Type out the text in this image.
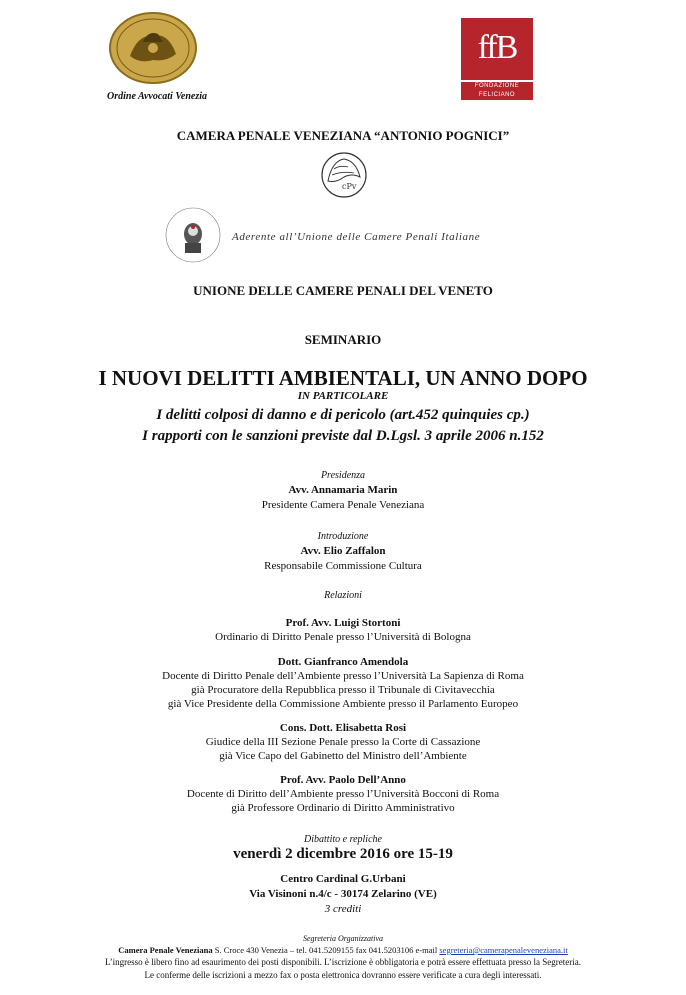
Ordine Avvocati Venezia
ffB
FONDAZIONE FELICIANO BENVENUTI
CAMERA PENALE VENEZIANA “ANTONIO POGNICI”
cPv
Aderente all’Unione delle Camere Penali Italiane
UNIONE DELLE CAMERE PENALI DEL VENETO
SEMINARIO
I NUOVI DELITTI AMBIENTALI, UN ANNO DOPO
IN PARTICOLARE
I delitti colposi di danno e di pericolo (art.452 quinquies cp.)
I rapporti con le sanzioni previste dal D.Lgsl. 3 aprile 2006 n.152
Presidenza
Avv. Annamaria Marin
Presidente Camera Penale Veneziana
Introduzione
Avv. Elio Zaffalon
Responsabile Commissione Cultura
Relazioni
Prof. Avv. Luigi Stortoni
Ordinario di Diritto Penale presso l’Università di Bologna
Dott. Gianfranco Amendola
Docente di Diritto Penale dell’Ambiente presso l’Università La Sapienza di Roma
già Procuratore della Repubblica presso il Tribunale di Civitavecchia
già Vice Presidente della Commissione Ambiente presso il Parlamento Europeo
Cons. Dott. Elisabetta Rosi
Giudice della III Sezione Penale presso la Corte di Cassazione
già Vice Capo del Gabinetto del Ministro dell’Ambiente
Prof. Avv. Paolo Dell’Anno
Docente di Diritto dell’Ambiente presso l’Università Bocconi di Roma
già Professore Ordinario di Diritto Amministrativo
Dibattito e repliche
venerdì 2 dicembre 2016 ore 15-19
Centro Cardinal G.Urbani
Via Visinoni n.4/c - 30174 Zelarino (VE)
3 crediti
Segreteria Organizzativa
Camera Penale Veneziana S. Croce 430 Venezia – tel. 041.5209155 fax 041.5203106 e-mail segreteria@camerapenaleveneziana.it
L’ingresso è libero fino ad esaurimento dei posti disponibili. L’iscrizione è obbligatoria e potrà essere effettuata presso la Segreteria.
Le conferme delle iscrizioni a mezzo fax o posta elettronica dovranno essere verificate a cura degli interessati.
